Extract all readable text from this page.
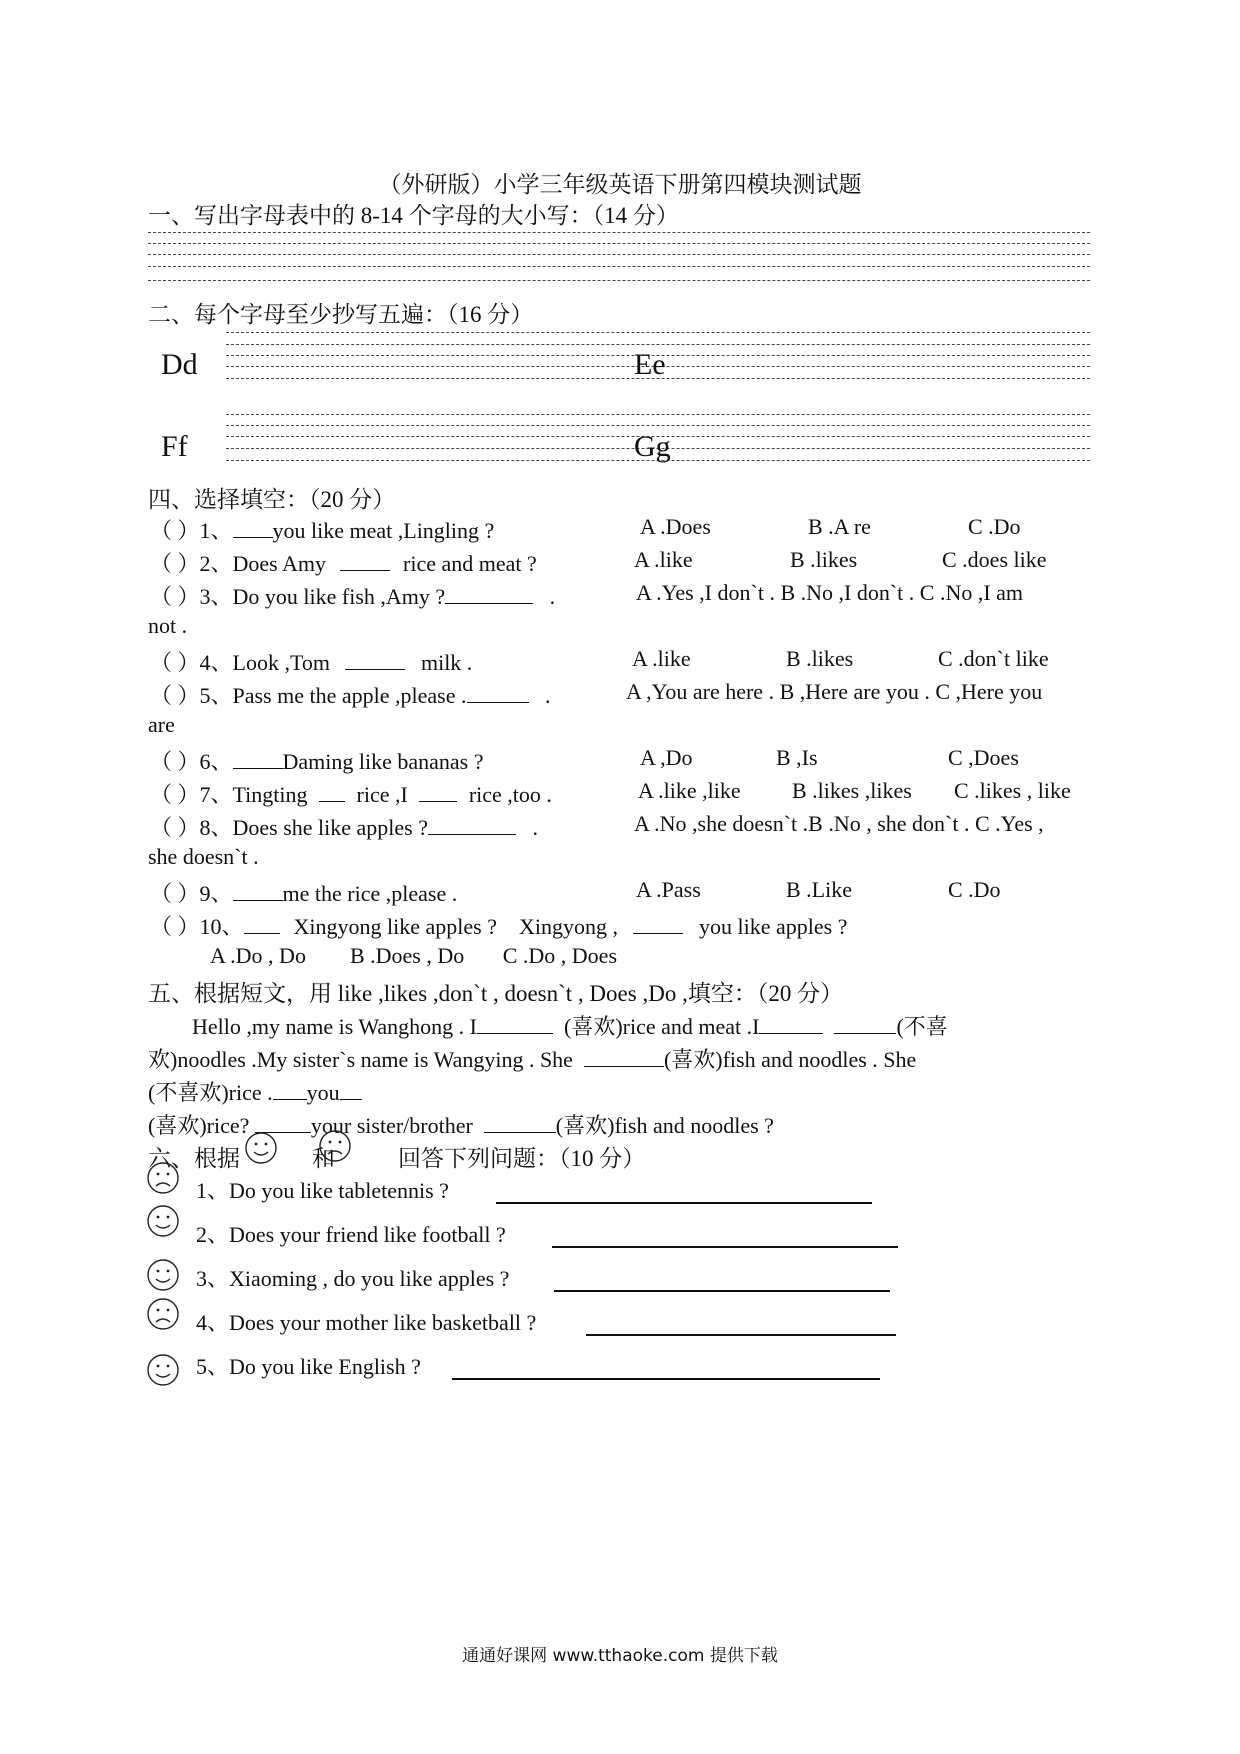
（外研版）小学三年级英语下册第四模块测试题
一、写出字母表中的 8-14 个字母的大小写：（14 分）
二、每个字母至少抄写五遍：（16 分）
Dd	Ee
Ff	Gg
四、选择填空：（20 分）
（ ）1、 you like meat ,Lingling ?	A .Does	B .A re	C .Do
（ ）2、Does Amy	rice and meat ?	A .like	B .likes	C .does like
（ ）3、Do you like fish ,Amy ?	.	A .Yes ,I don`t . B .No ,I don`t . C .No ,I am
not .
（ ）4、Look ,Tom	milk .	A .like	B .likes	C .don`t like
（ ）5、Pass me the apple ,please .	.	A ,You are here . B ,Here are you . C ,Here you
are
（ ）6、 Daming like bananas ?	A ,Do	B ,Is	C ,Does
（ ）7、Tingting rice ,I	rice ,too .	A .like ,like B .likes ,likes C .likes , like
（ ）8、Does she like apples ?	.	A .No ,she doesn`t .B .No , she don`t . C .Yes ,
she doesn`t .
（ ）9、 me the rice ,please .	A .Pass	B .Like	C .Do
（ ）10、 Xingyong like apples ? Xingyong ,	you like apples ?
A .Do , Do        B .Does , Do       C .Do , Does
五、根据短文，用 like ,likes ,don`t , doesn`t , Does ,Do ,填空：（20 分）
Hello ,my name is Wanghong . I	(喜欢)rice and meat .I	(不喜
欢)noodles .My sister`s name is Wangying . She	(喜欢)fish and noodles . She
(不喜欢)rice . you
(喜欢)rice?	your sister/brother	(喜欢)fish and noodles ?
六、根据	和	回答下列问题：（10 分）
1、Do you like tabletennis ?
2、Does your friend like football ?
3、Xiaoming , do you like apples ?
4、Does your mother like basketball ?
5、Do you like English ?
通通好课网 www.tthaoke.com 提供下载
